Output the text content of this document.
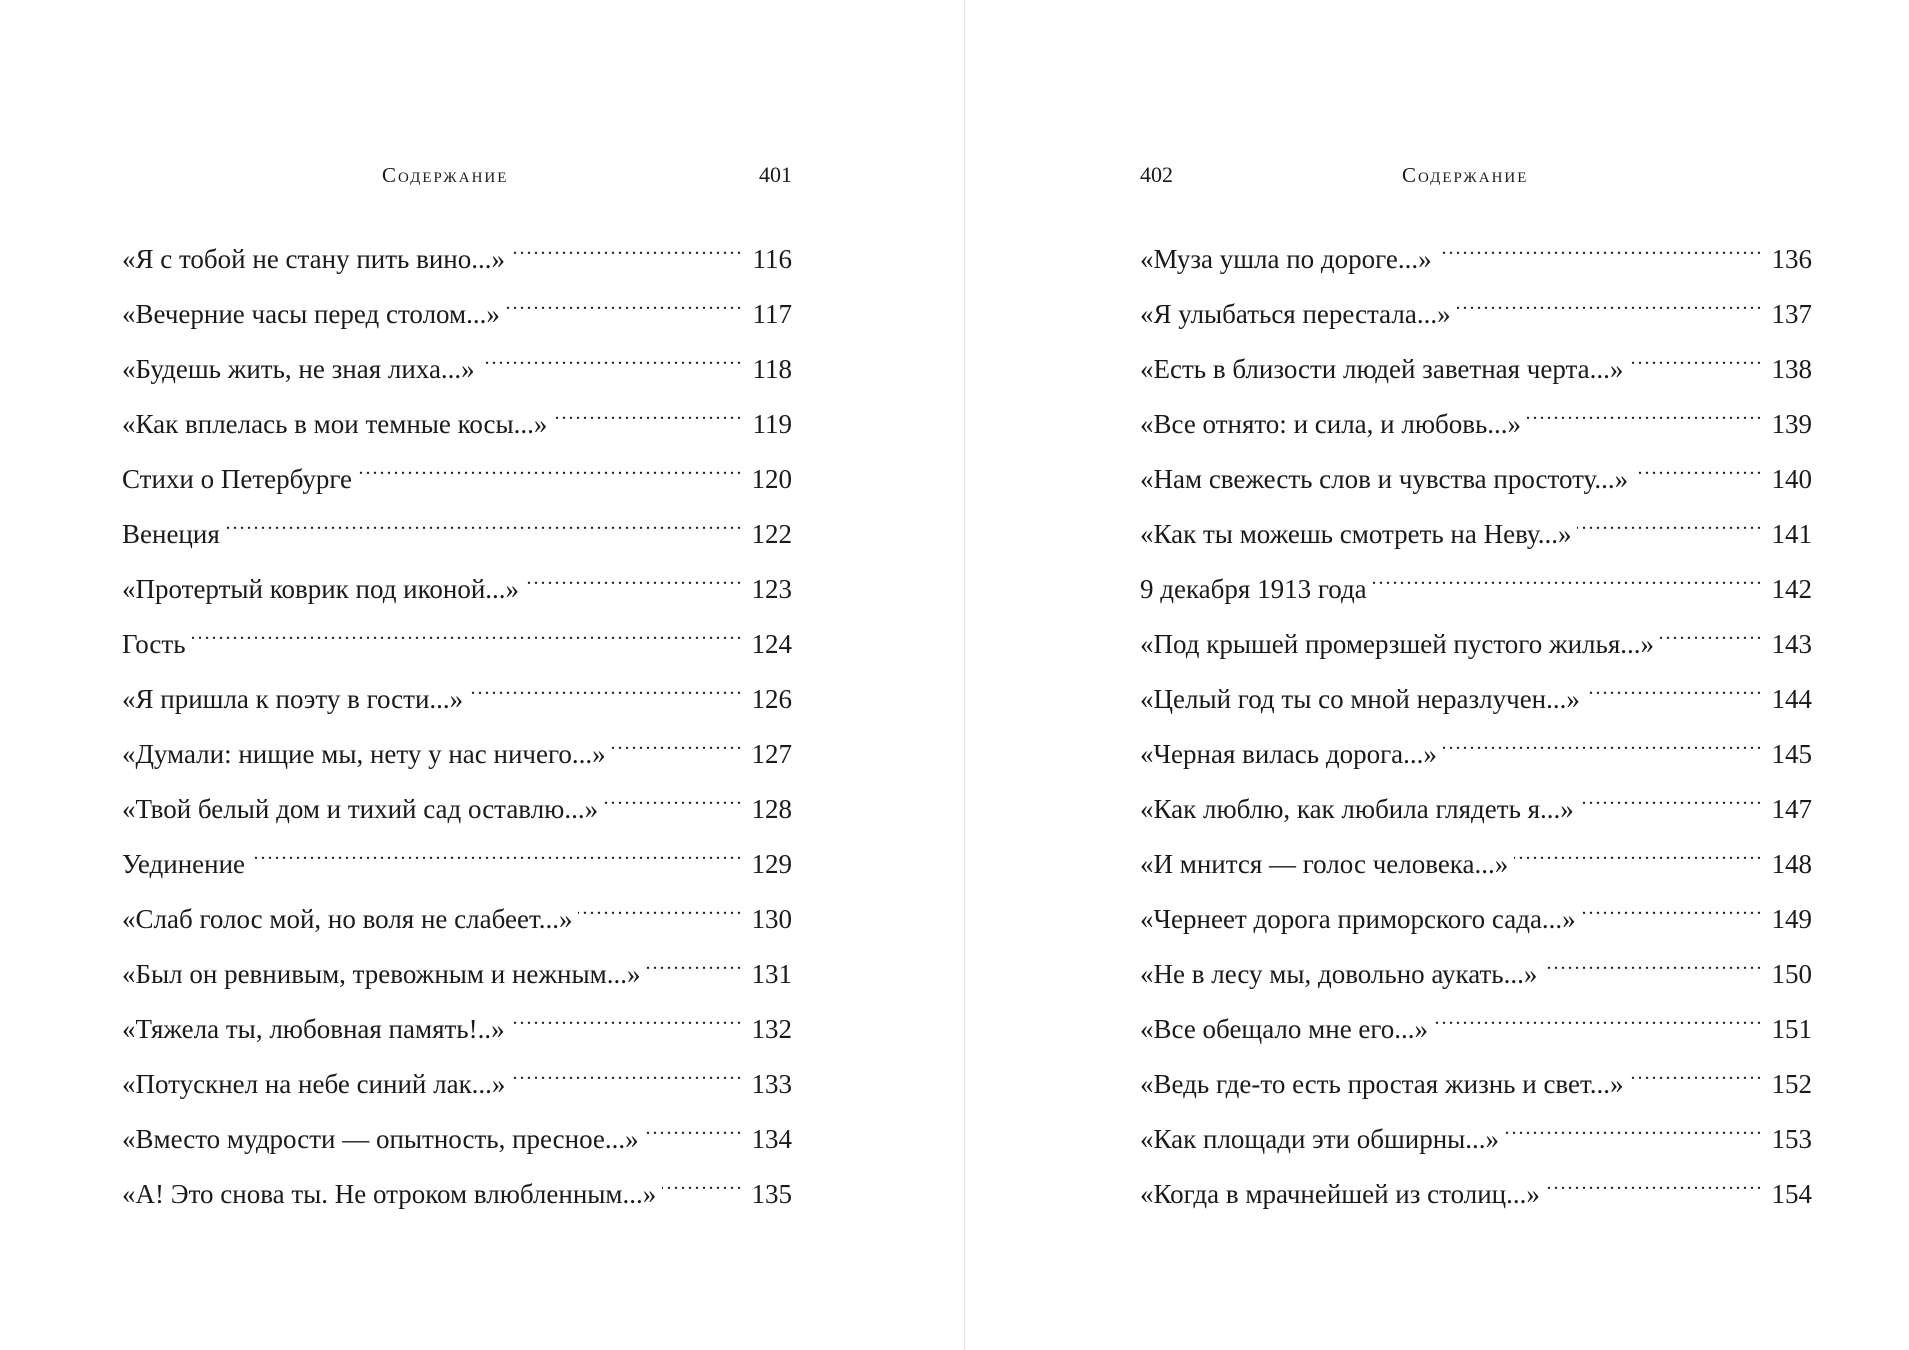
Содержание	401
«Я с тобой не стану пить вино...» . . .	116
«Вечерние часы перед столом...» . . .	117
«Будешь жить, не зная лиха...» . . .	118
«Как вплелась в мои темные косы...» . . .	119
Стихи о Петербурге . . .	120
Венеция . . .	122
«Протертый коврик под иконой...» . . .	123
Гость . . .	124
«Я пришла к поэту в гости...» . . .	126
«Думали: нищие мы, нету у нас ничего...» . . .	127
«Твой белый дом и тихий сад оставлю...» . . .	128
Уединение . . .	129
«Слаб голос мой, но воля не слабеет...» . . .	130
«Был он ревнивым, тревожным и нежным...» . . .	131
«Тяжела ты, любовная память!..» . . .	132
«Потускнел на небе синий лак...» . . .	133
«Вместо мудрости — опытность, пресное...» . . .	134
«А! Это снова ты. Не отроком влюбленным...» . . .	135
402	Содержание
«Муза ушла по дороге...» . . .	136
«Я улыбаться перестала...» . . .	137
«Есть в близости людей заветная черта...» . . .	138
«Все отнято: и сила, и любовь...» . . .	139
«Нам свежесть слов и чувства простоту...» . . .	140
«Как ты можешь смотреть на Неву...» . . .	141
9 декабря 1913 года . . .	142
«Под крышей промерзшей пустого жилья...» . . .	143
«Целый год ты со мной неразлучен...» . . .	144
«Черная вилась дорога...» . . .	145
«Как люблю, как любила глядеть я...» . . .	147
«И мнится — голос человека...» . . .	148
«Чернеет дорога приморского сада...» . . .	149
«Не в лесу мы, довольно аукать...» . . .	150
«Все обещало мне его...» . . .	151
«Ведь где-то есть простая жизнь и свет...» . . .	152
«Как площади эти обширны...» . . .	153
«Когда в мрачнейшей из столиц...» . . .	154
